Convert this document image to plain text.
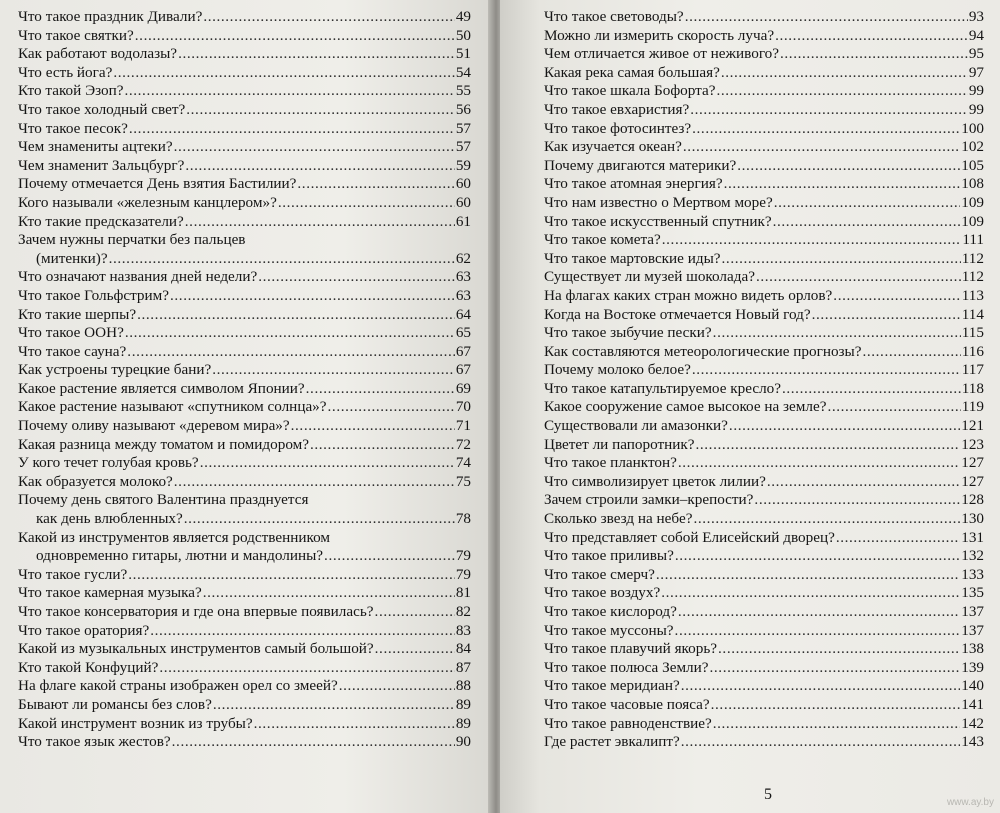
Что такое праздник Дивали? . . .	49
Что такое святки? . . .	50
Как работают водолазы? . . .	51
Что есть йога? . . .	54
Кто такой Эзоп? . . .	55
Что такое холодный свет? . . .	56
Что такое песок? . . .	57
Чем знамениты ацтеки? . . .	57
Чем знаменит Зальцбург? . . .	59
Почему отмечается День взятия Бастилии? . . .	60
Кого называли «железным канцлером»? . . .	60
Кто такие предсказатели? . . .	61
Зачем нужны перчатки без пальцев
(митенки)? . . .	62
Что означают названия дней недели? . . .	63
Что такое Гольфстрим? . . .	63
Кто такие шерпы? . . .	64
Что такое ООН? . . .	65
Что такое сауна? . . .	67
Как устроены турецкие бани? . . .	67
Какое растение является символом Японии? . . .	69
Какое растение называют «спутником солнца»? . . .	70
Почему оливу называют «деревом мира»? . . .	71
Какая разница между томатом и помидором? . . .	72
У кого течет голубая кровь? . . .	74
Как образуется молоко? . . .	75
Почему день святого Валентина празднуется
как день влюбленных? . . .	78
Какой из инструментов является родственником
одновременно гитары, лютни и мандолины? . . .	79
Что такое гусли? . . .	79
Что такое камерная музыка? . . .	81
Что такое консерватория и где она впервые появилась? . . .	82
Что такое оратория? . . .	83
Какой из музыкальных инструментов самый большой? . . .	84
Кто такой Конфуций? . . .	87
На флаге какой страны изображен орел со змеей? . . .	88
Бывают ли романсы без слов? . . .	89
Какой инструмент возник из трубы? . . .	89
Что такое язык жестов? . . .	90
Что такое световоды? . . .	93
Можно ли измерить скорость луча? . . .	94
Чем отличается живое от неживого? . . .	95
Какая река самая большая? . . .	97
Что такое шкала Бофорта? . . .	99
Что такое евхаристия? . . .	99
Что такое фотосинтез? . . .	100
Как изучается океан? . . .	102
Почему двигаются материки? . . .	105
Что такое атомная энергия? . . .	108
Что нам известно о Мертвом море? . . .	109
Что такое искусственный спутник? . . .	109
Что такое комета? . . .	111
Что такое мартовские иды? . . .	112
Существует ли музей шоколада? . . .	112
На флагах каких стран можно видеть орлов? . . .	113
Когда на Востоке отмечается Новый год? . . .	114
Что такое зыбучие пески? . . .	115
Как составляются метеорологические прогнозы? . . .	116
Почему молоко белое? . . .	117
Что такое катапультируемое кресло? . . .	118
Какое сооружение самое высокое на земле? . . .	119
Существовали ли амазонки? . . .	121
Цветет ли папоротник? . . .	123
Что такое планктон? . . .	127
Что символизирует цветок лилии? . . .	127
Зачем строили замки–крепости? . . .	128
Сколько звезд на небе? . . .	130
Что представляет собой Елисейский дворец? . . .	131
Что такое приливы? . . .	132
Что такое смерч? . . .	133
Что такое воздух? . . .	135
Что такое кислород? . . .	137
Что такое муссоны? . . .	137
Что такое плавучий якорь? . . .	138
Что такое полюса Земли? . . .	139
Что такое меридиан? . . .	140
Что такое часовые пояса? . . .	141
Что такое равноденствие? . . .	142
Где растет эвкалипт? . . .	143
5	www.ay.by
